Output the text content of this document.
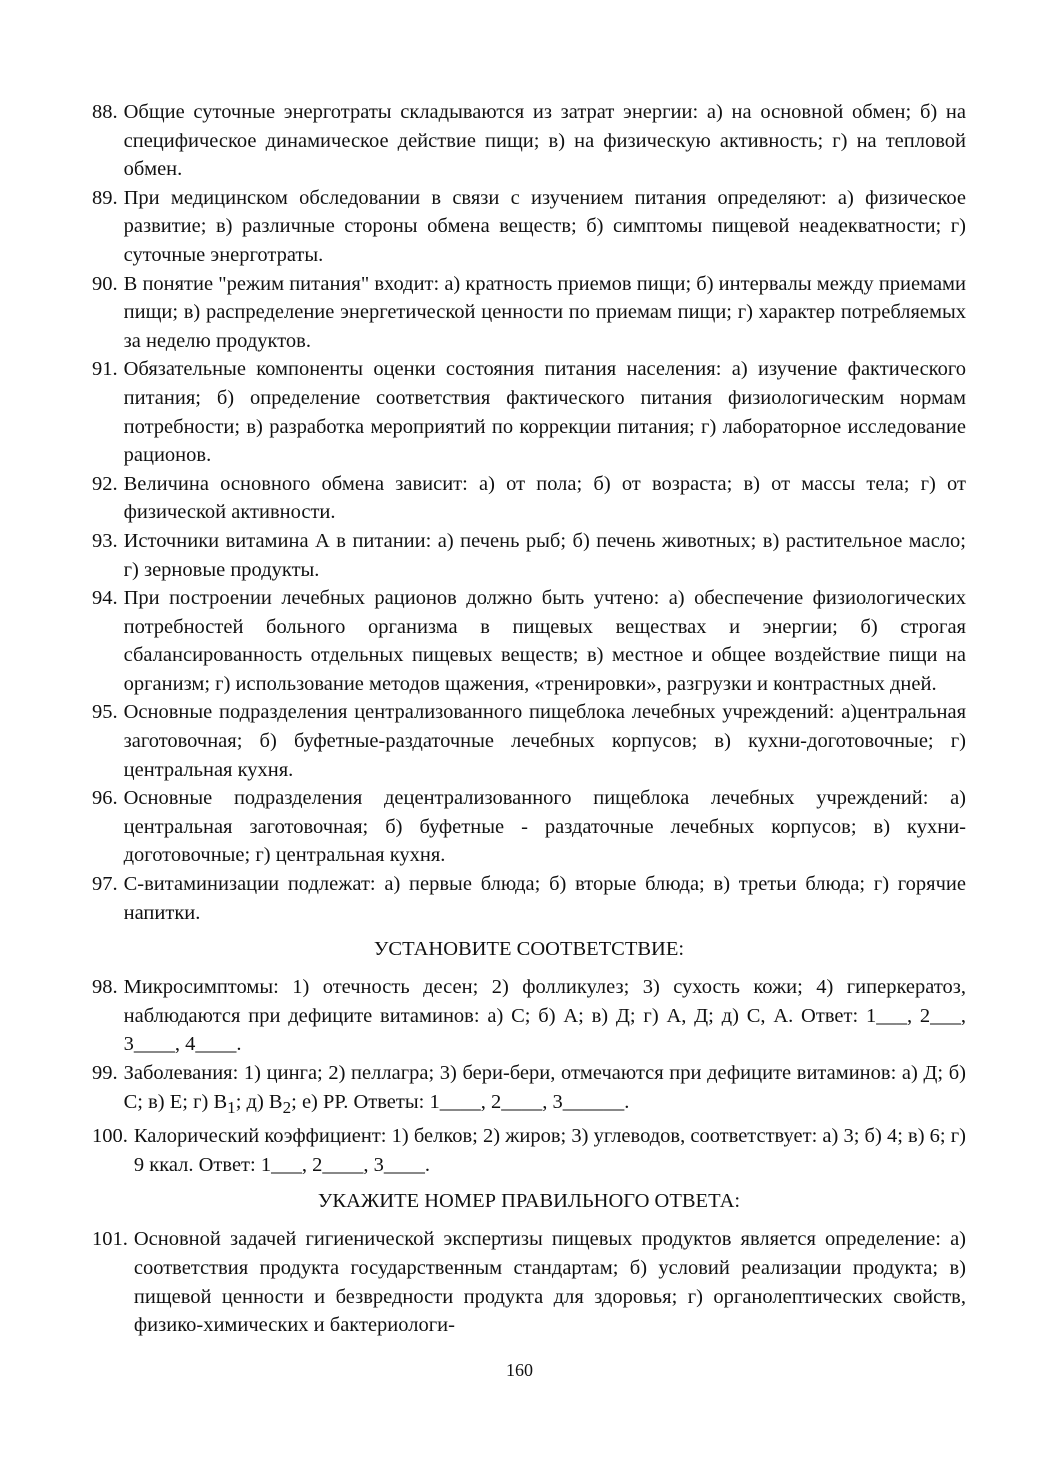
88. Общие суточные энерготраты складываются из затрат энергии: а) на основной обмен; б) на специфическое динамическое действие пищи; в) на физическую активность; г) на тепловой обмен.
89. При медицинском обследовании в связи с изучением питания определяют: а) физическое развитие; в) различные стороны обмена веществ; б) симптомы пищевой неадекватности; г) суточные энерготраты.
90. В понятие "режим питания" входит: а) кратность приемов пищи; б) интервалы между приемами пищи; в) распределение энергетической ценности по приемам пищи; г) характер потребляемых за неделю продуктов.
91. Обязательные компоненты оценки состояния питания населения: а) изучение фактического питания; б) определение соответствия фактического питания физиологическим нормам потребности; в) разработка мероприятий по коррекции питания; г) лабораторное исследование рационов.
92. Величина основного обмена зависит: а) от пола; б) от возраста; в) от массы тела; г) от физической активности.
93. Источники витамина А в питании: а) печень рыб; б) печень животных; в) растительное масло; г) зерновые продукты.
94. При построении лечебных рационов должно быть учтено: а) обеспечение физиологических потребностей больного организма в пищевых веществах и энергии; б) строгая сбалансированность отдельных пищевых веществ; в) местное и общее воздействие пищи на организм; г) использование методов щажения, «тренировки», разгрузки и контрастных дней.
95. Основные подразделения централизованного пищеблока лечебных учреждений: а)центральная заготовочная; б) буфетные-раздаточные лечебных корпусов; в) кухни-доготовочные; г) центральная кухня.
96. Основные подразделения децентрализованного пищеблока лечебных учреждений: а) центральная заготовочная; б) буфетные - раздаточные лечебных корпусов; в) кухни-доготовочные; г) центральная кухня.
97. С-витаминизации подлежат: а) первые блюда; б) вторые блюда; в) третьи блюда; г) горячие напитки.
УСТАНОВИТЕ СООТВЕТСТВИЕ:
98. Микросимптомы: 1) отечность десен; 2) фолликулез; 3) сухость кожи; 4) гиперкератоз, наблюдаются при дефиците витаминов: а) С; б) А; в) Д; г) А, Д; д) С, А. Ответ: 1___, 2___, 3____, 4____.
99. Заболевания: 1) цинга; 2) пеллагра; 3) бери-бери, отмечаются при дефиците витаминов: а) Д; б) С; в) Е; г) $В_1$; д) $В_2$; е) РР. Ответы: 1____, 2____, 3______.
100. Калорический коэффициент: 1) белков; 2) жиров; 3) углеводов, соответствует: а) 3; б) 4; в) 6; г) 9 ккал. Ответ: 1___, 2____, 3____.
УКАЖИТЕ НОМЕР ПРАВИЛЬНОГО ОТВЕТА:
101. Основной задачей гигиенической экспертизы пищевых продуктов является определение: а) соответствия продукта государственным стандартам; б) условий реализации продукта; в) пищевой ценности и безвредности продукта для здоровья; г) органолептических свойств, физико-химических и бактериологи-
160
